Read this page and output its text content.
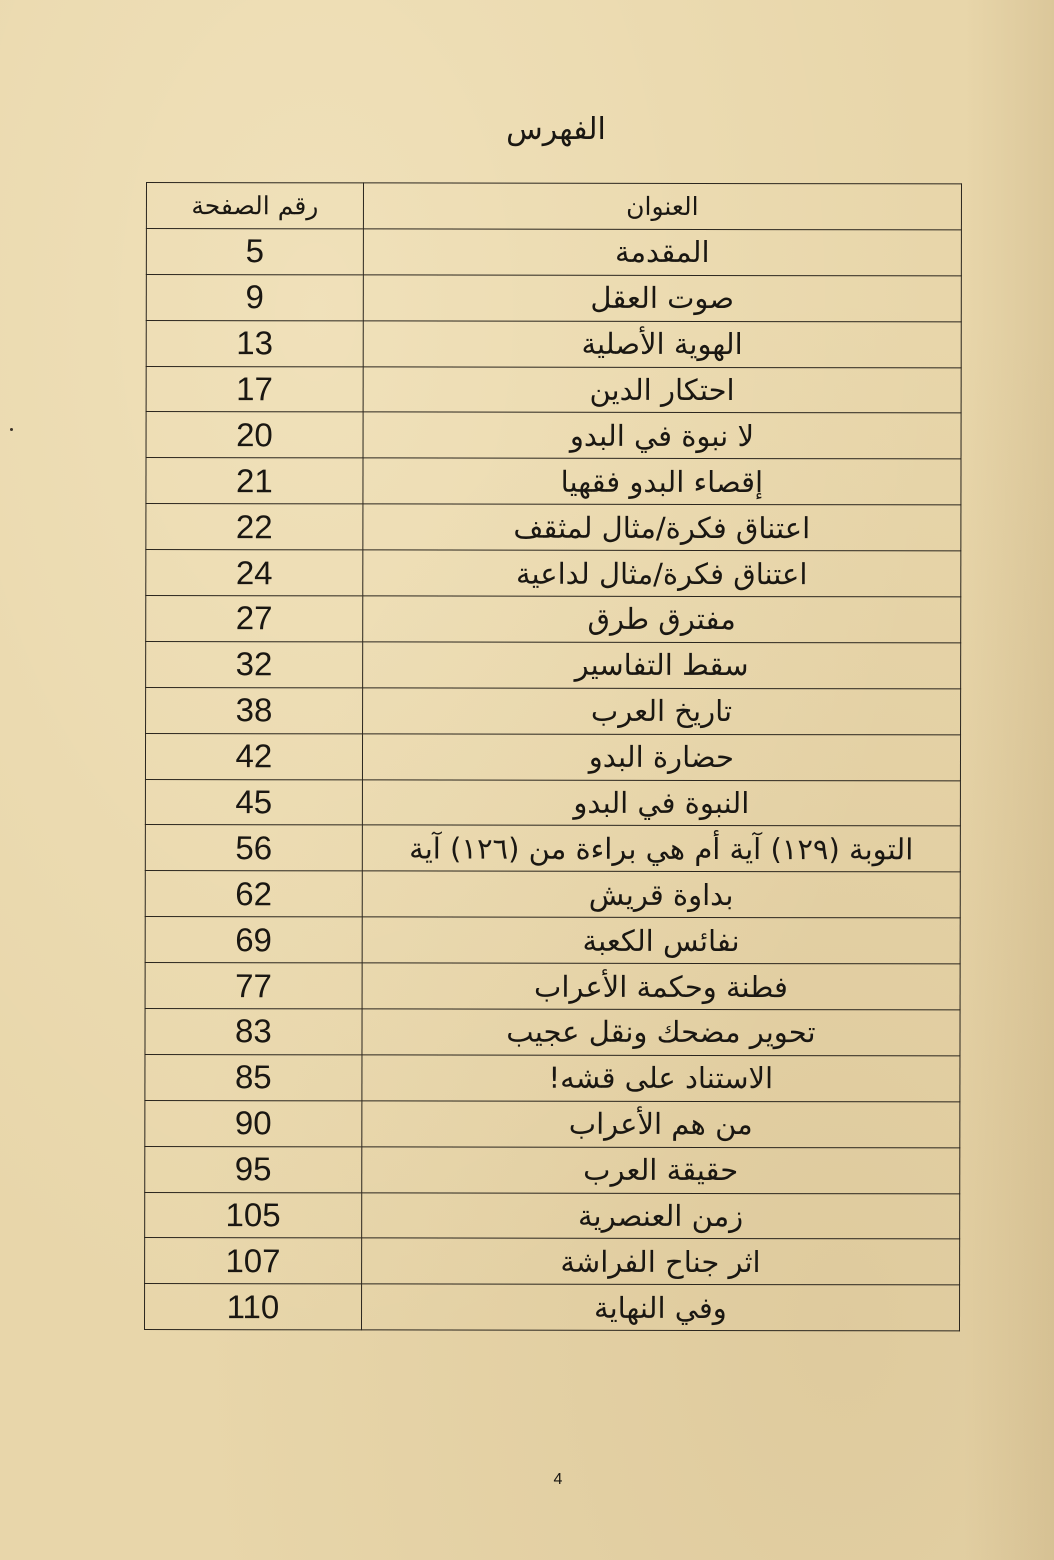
الفهرس
العنوان	رقم الصفحة
المقدمة	5
صوت العقل	9
الهوية الأصلية	13
احتكار الدين	17
لا نبوة في البدو	20
إقصاء البدو فقهيا	21
اعتناق فكرة/مثال لمثقف	22
اعتناق فكرة/مثال لداعية	24
مفترق طرق	27
سقط التفاسير	32
تاريخ العرب	38
حضارة البدو	42
النبوة في البدو	45
التوبة (١٢٩) آية أم هي براءة من (١٢٦) آية	56
بداوة قريش	62
نفائس الكعبة	69
فطنة وحكمة الأعراب	77
تحوير مضحك ونقل عجيب	83
الاستناد على قشه!	85
من هم الأعراب	90
حقيقة العرب	95
زمن العنصرية	105
اثر جناح الفراشة	107
وفي النهاية	110
4
